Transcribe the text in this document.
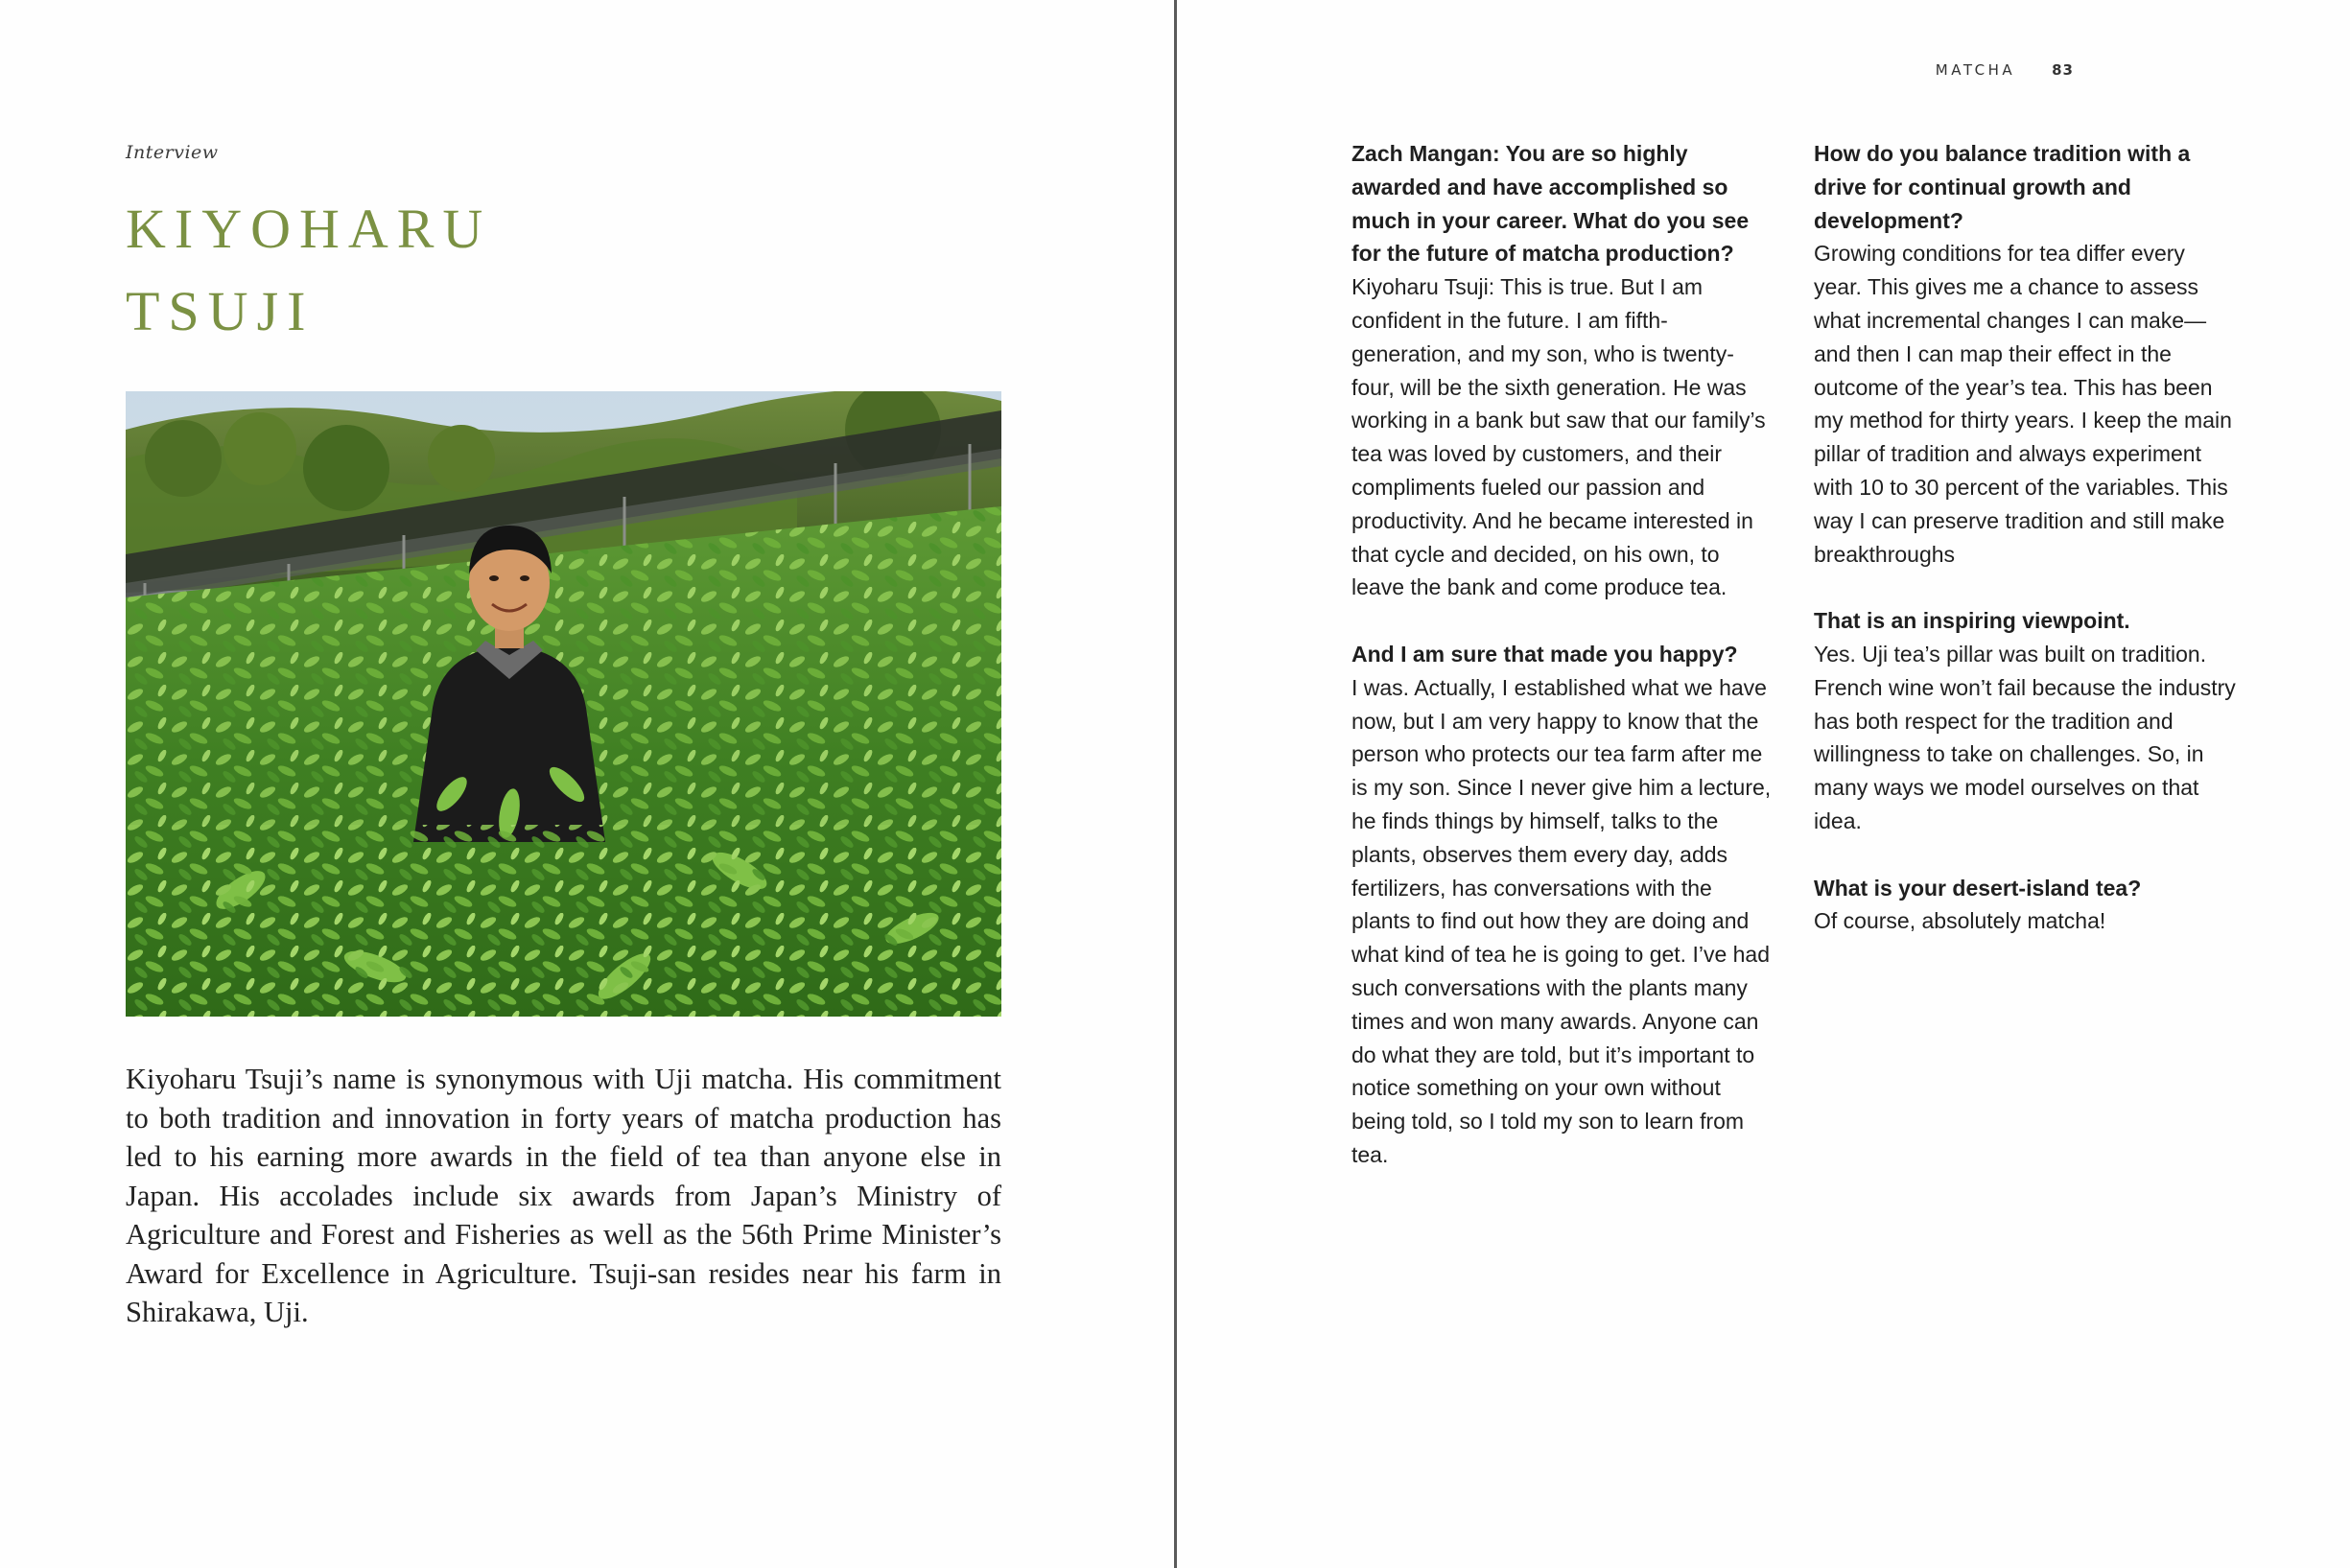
Interview
KIYOHARU
TSUJI

Kiyoharu Tsuji’s name is synonymous with Uji matcha. His commitment to both tradition and innovation in forty years of matcha production has led to his earning more awards in the field of tea than anyone else in Japan. His accolades include six awards from Japan’s Ministry of Agriculture and Forest and Fisheries as well as the 56th Prime Minister’s Award for Excellence in Agriculture. Tsuji-san resides near his farm in Shirakawa, Uji.

MATCHA	83

Zach Mangan: You are so highly awarded and have accomplished so much in your career. What do you see for the future of matcha production?

Kiyoharu Tsuji: This is true. But I am confident in the future. I am fifth-generation, and my son, who is twenty-four, will be the sixth generation. He was working in a bank but saw that our family’s tea was loved by customers, and their compliments fueled our passion and productivity. And he became interested in that cycle and decided, on his own, to leave the bank and come produce tea.

And I am sure that made you happy?

I was. Actually, I established what we have now, but I am very happy to know that the person who protects our tea farm after me is my son. Since I never give him a lecture, he finds things by himself, talks to the plants, observes them every day, adds fertilizers, has conversations with the plants to find out how they are doing and what kind of tea he is going to get. I’ve had such conversations with the plants many times and won many awards. Anyone can do what they are told, but it’s important to notice something on your own without being told, so I told my son to learn from tea.

How do you balance tradition with a drive for continual growth and development?

Growing conditions for tea differ every year. This gives me a chance to assess what incremental changes I can make—and then I can map their effect in the outcome of the year’s tea. This has been my method for thirty years. I keep the main pillar of tradition and always experiment with 10 to 30 percent of the variables. This way I can preserve tradition and still make breakthroughs

That is an inspiring viewpoint.

Yes. Uji tea’s pillar was built on tradition. French wine won’t fail because the industry has both respect for the tradition and willingness to take on challenges. So, in many ways we model ourselves on that idea.

What is your desert-island tea?

Of course, absolutely matcha!
